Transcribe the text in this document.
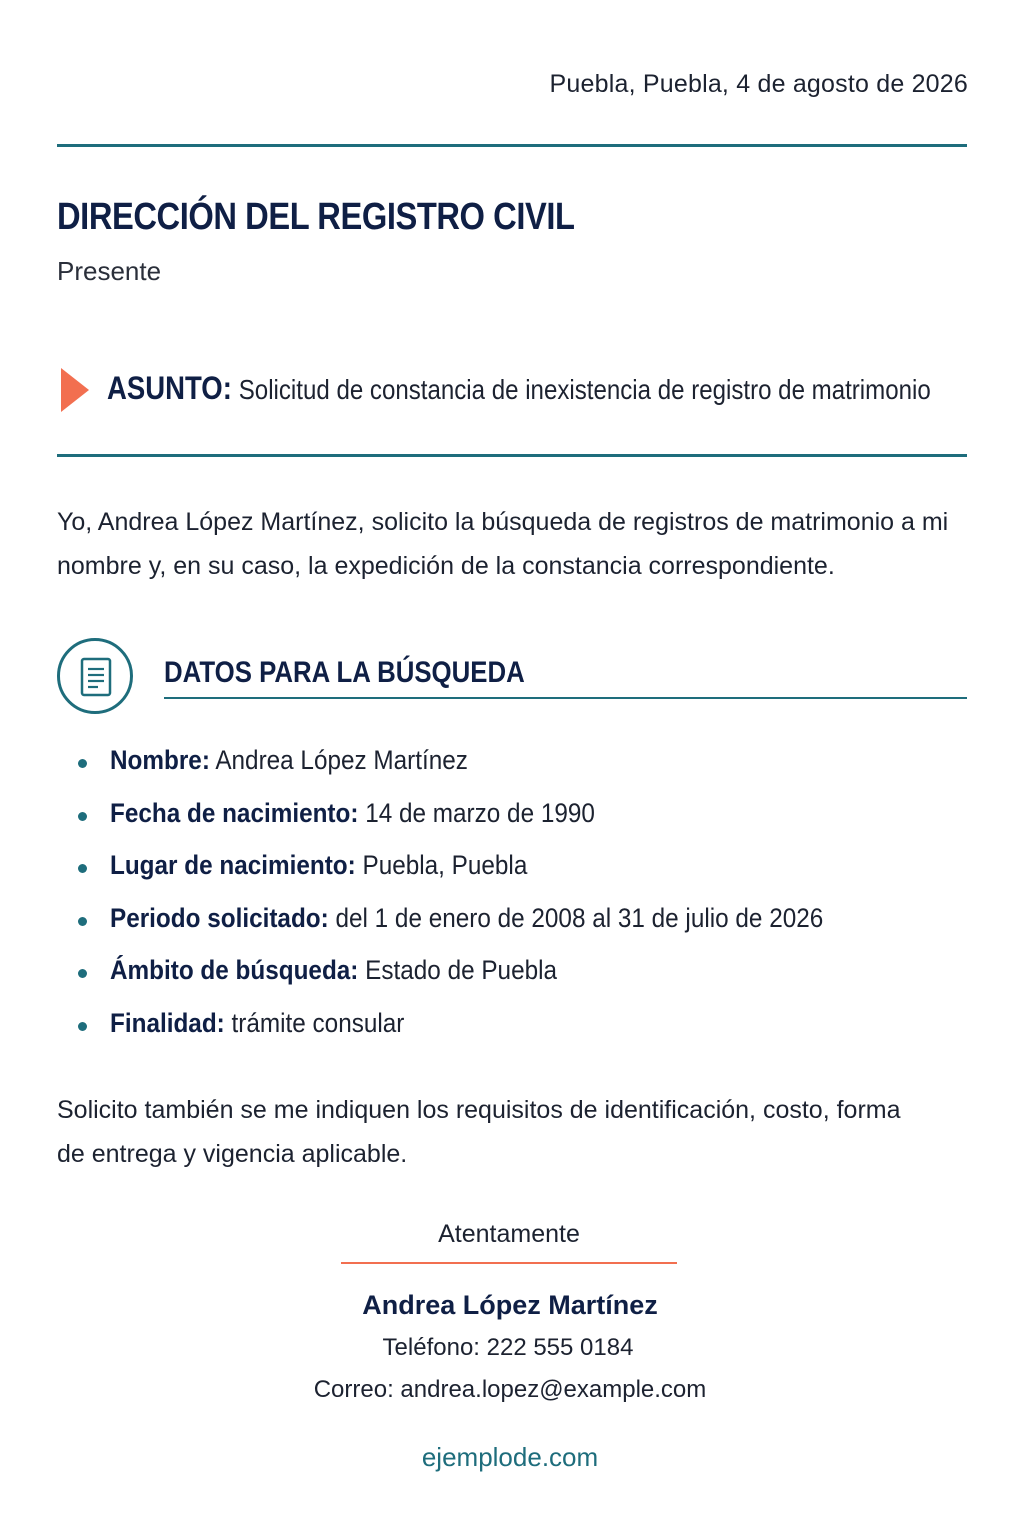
Puebla, Puebla, 4 de agosto de 2026
DIRECCIÓN DEL REGISTRO CIVIL
Presente
ASUNTO: Solicitud de constancia de inexistencia de registro de matrimonio

Yo, Andrea López Martínez, solicito la búsqueda de registros de matrimonio a mi nombre y, en su caso, la expedición de la constancia correspondiente.

DATOS PARA LA BÚSQUEDA
Nombre: Andrea López Martínez
Fecha de nacimiento: 14 de marzo de 1990
Lugar de nacimiento: Puebla, Puebla
Periodo solicitado: del 1 de enero de 2008 al 31 de julio de 2026
Ámbito de búsqueda: Estado de Puebla
Finalidad: trámite consular

Solicito también se me indiquen los requisitos de identificación, costo, forma de entrega y vigencia aplicable.

Atentamente
Andrea López Martínez
Teléfono: 222 555 0184
Correo: andrea.lopez@example.com
ejemplode.com
